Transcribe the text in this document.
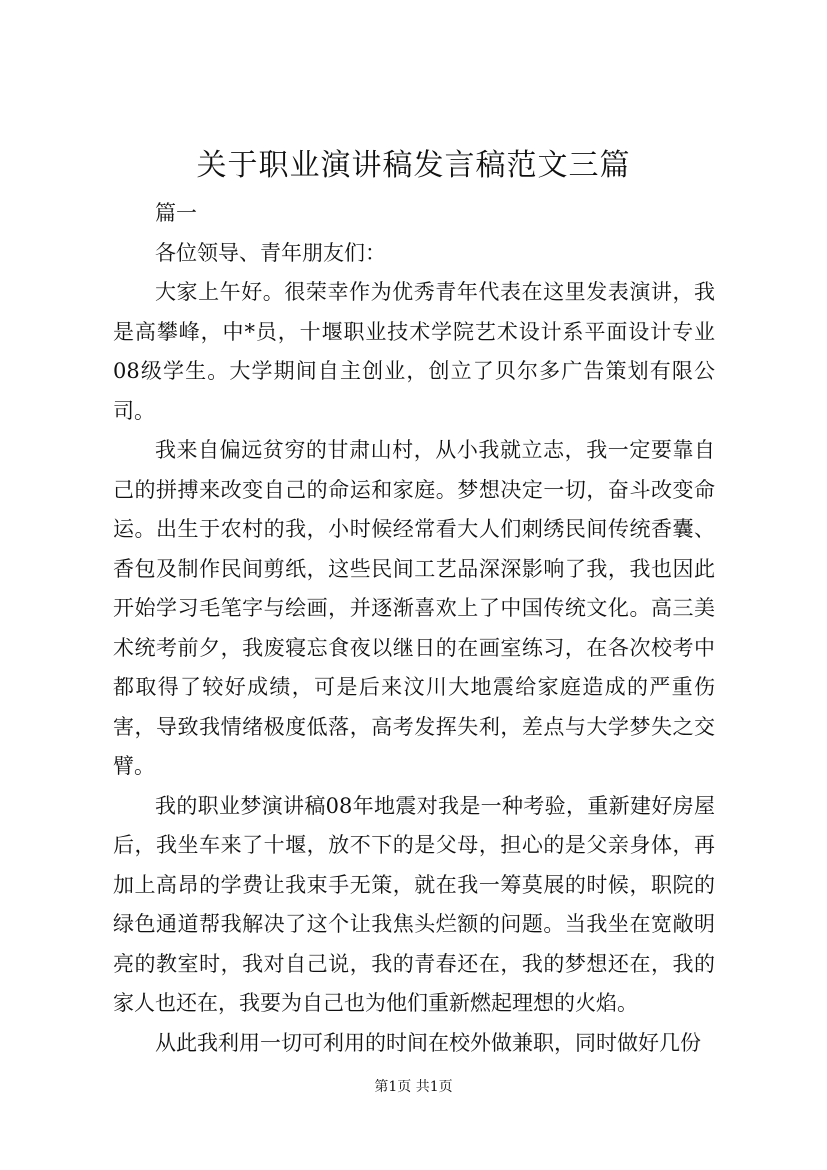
关于职业演讲稿发言稿范文三篇

篇一

各位领导、青年朋友们：

大家上午好。很荣幸作为优秀青年代表在这里发表演讲，我是高攀峰，中*员，十堰职业技术学院艺术设计系平面设计专业08级学生。大学期间自主创业，创立了贝尔多广告策划有限公司。

我来自偏远贫穷的甘肃山村，从小我就立志，我一定要靠自己的拼搏来改变自己的命运和家庭。梦想决定一切，奋斗改变命运。出生于农村的我，小时候经常看大人们刺绣民间传统香囊、香包及制作民间剪纸，这些民间工艺品深深影响了我，我也因此开始学习毛笔字与绘画，并逐渐喜欢上了中国传统文化。高三美术统考前夕，我废寝忘食夜以继日的在画室练习，在各次校考中都取得了较好成绩，可是后来汶川大地震给家庭造成的严重伤害，导致我情绪极度低落，高考发挥失利，差点与大学梦失之交臂。

我的职业梦演讲稿08年地震对我是一种考验，重新建好房屋后，我坐车来了十堰，放不下的是父母，担心的是父亲身体，再加上高昂的学费让我束手无策，就在我一筹莫展的时候，职院的绿色通道帮我解决了这个让我焦头烂额的问题。当我坐在宽敞明亮的教室时，我对自己说，我的青春还在，我的梦想还在，我的家人也还在，我要为自己也为他们重新燃起理想的火焰。

从此我利用一切可利用的时间在校外做兼职，同时做好几份

第1页 共1页
